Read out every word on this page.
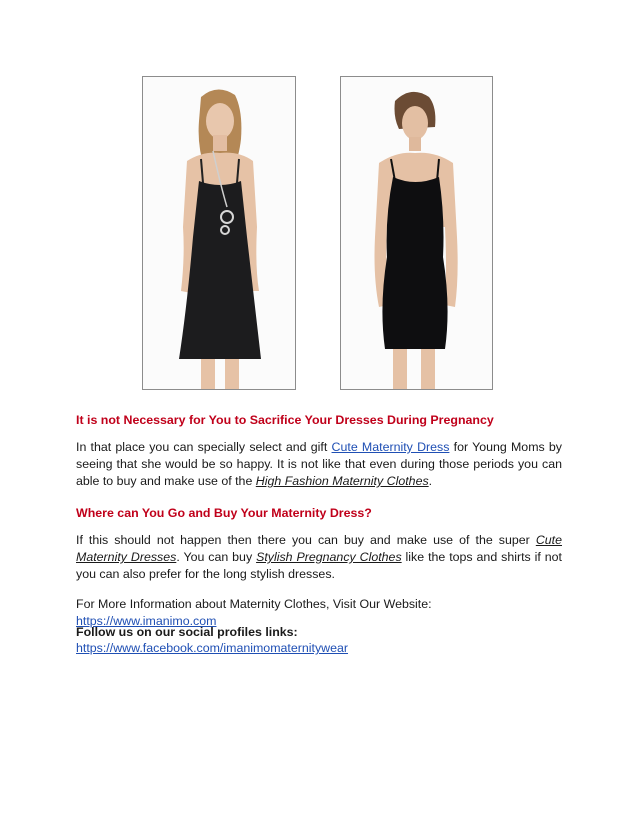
It is not Necessary for You to Sacrifice Your Dresses During Pregnancy
In that place you can specially select and gift Cute Maternity Dress for Young Moms by seeing that she would be so happy. It is not like that even during those periods you can able to buy and make use of the High Fashion Maternity Clothes.
Where can You Go and Buy Your Maternity Dress?
If this should not happen then there you can buy and make use of the super Cute Maternity Dresses. You can buy Stylish Pregnancy Clothes like the tops and shirts if not you can also prefer for the long stylish dresses.
For More Information about Maternity Clothes, Visit Our Website: https://www.imanimo.com
Follow us on our social profiles links:
https://www.facebook.com/imanimomaternitywear
